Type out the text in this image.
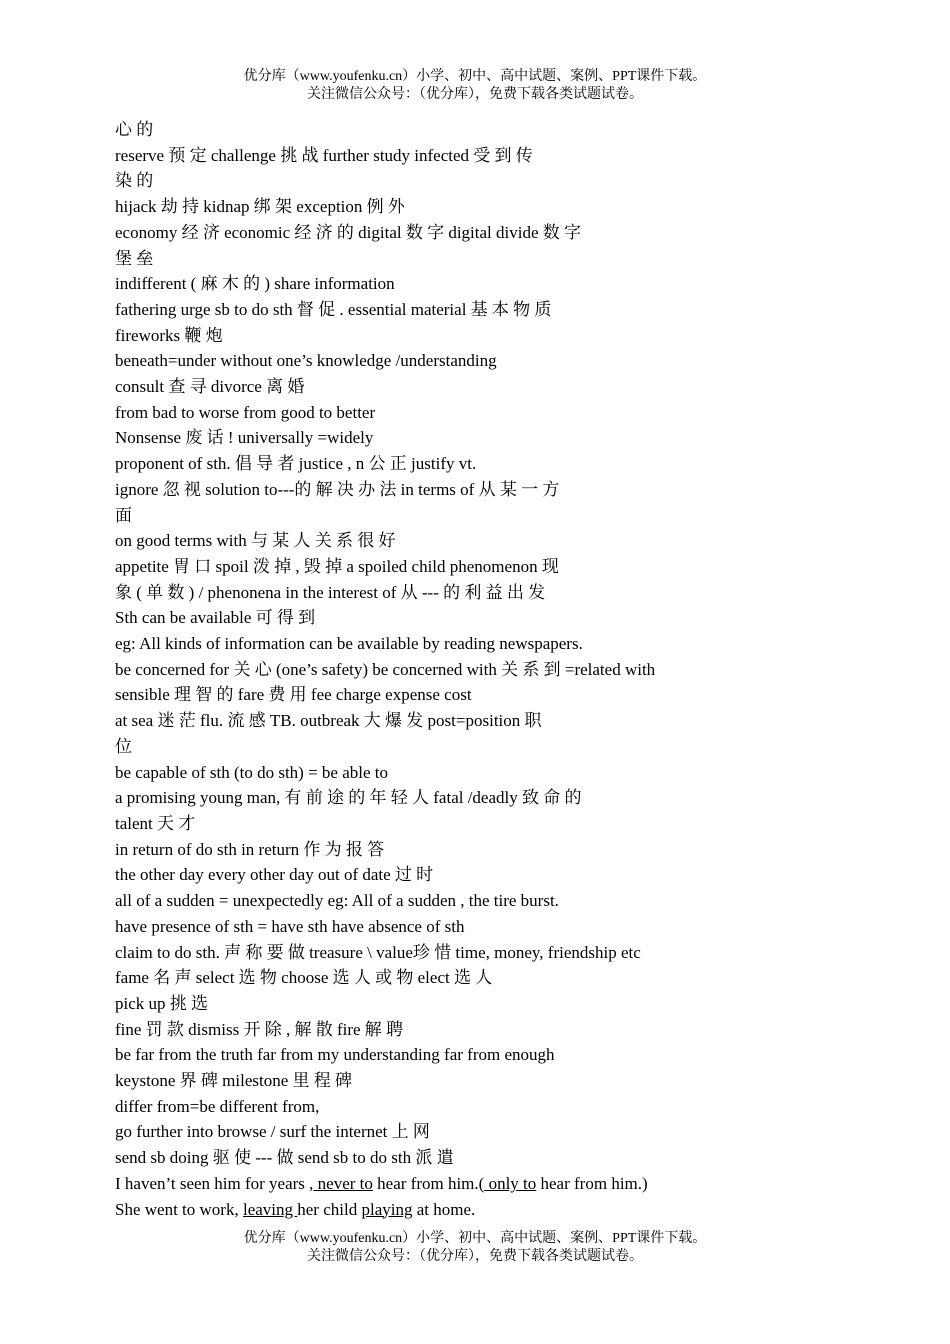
优分库（www.youfenku.cn）小学、初中、高中试题、案例、PPT课件下载。
关注微信公众号：（优分库），免费下载各类试题试卷。
心 的
reserve 预 定 challenge 挑 战 further study infected 受 到 传
染 的
hijack 劫 持 kidnap 绑 架 exception 例 外
economy 经 济 economic 经 济 的 digital 数 字 digital divide 数 字
堡 垒
indifferent ( 麻 木 的 ) share information
fathering urge sb to do sth 督 促 . essential material 基 本 物 质
fireworks 鞭 炮
beneath=under without one’s knowledge /understanding
consult 查 寻 divorce 离 婚
from bad to worse from good to better
Nonsense 废 话 ! universally =widely
proponent of sth. 倡 导 者 justice , n 公 正 justify vt.
ignore 忽 视 solution to---的 解 决 办 法 in terms of 从 某 一 方
面
on good terms with 与 某 人 关 系 很 好
appetite 胃 口 spoil 泼 掉 , 毁 掉 a spoiled child phenomenon 现
象 ( 单 数 ) / phenonena in the interest of 从 --- 的 利 益 出 发
Sth can be available 可 得 到
eg: All kinds of information can be available by reading newspapers.
be concerned for 关 心 (one’s safety) be concerned with 关 系 到 =related with
sensible 理 智 的 fare 费 用 fee charge expense cost
at sea 迷 茫 flu. 流 感 TB. outbreak 大 爆 发 post=position 职
位
be capable of sth (to do sth) = be able to
a promising young man, 有 前 途 的 年 轻 人 fatal /deadly 致 命 的
talent 天 才
in return of do sth in return 作 为 报 答
the other day every other day out of date 过 时
all of a sudden = unexpectedly eg: All of a sudden , the tire burst.
have presence of sth = have sth have absence of sth
claim to do sth. 声 称 要 做 treasure \ value珍 惜 time, money, friendship etc
fame 名 声 select 选 物 choose 选 人 或 物 elect 选 人
pick up 挑 选
fine 罚 款 dismiss 开 除 , 解 散 fire 解 聘
be far from the truth far from my understanding far from enough
keystone 界 碑 milestone 里 程 碑
differ from=be different from,
go further into browse / surf the internet 上 网
send sb doing 驱 使 --- 做 send sb to do sth 派 遣
I haven’t seen him for years , never to hear from him.( only to hear from him.)
She went to work, leaving her child playing at home.
优分库（www.youfenku.cn）小学、初中、高中试题、案例、PPT课件下载。
关注微信公众号：（优分库），免费下载各类试题试卷。
